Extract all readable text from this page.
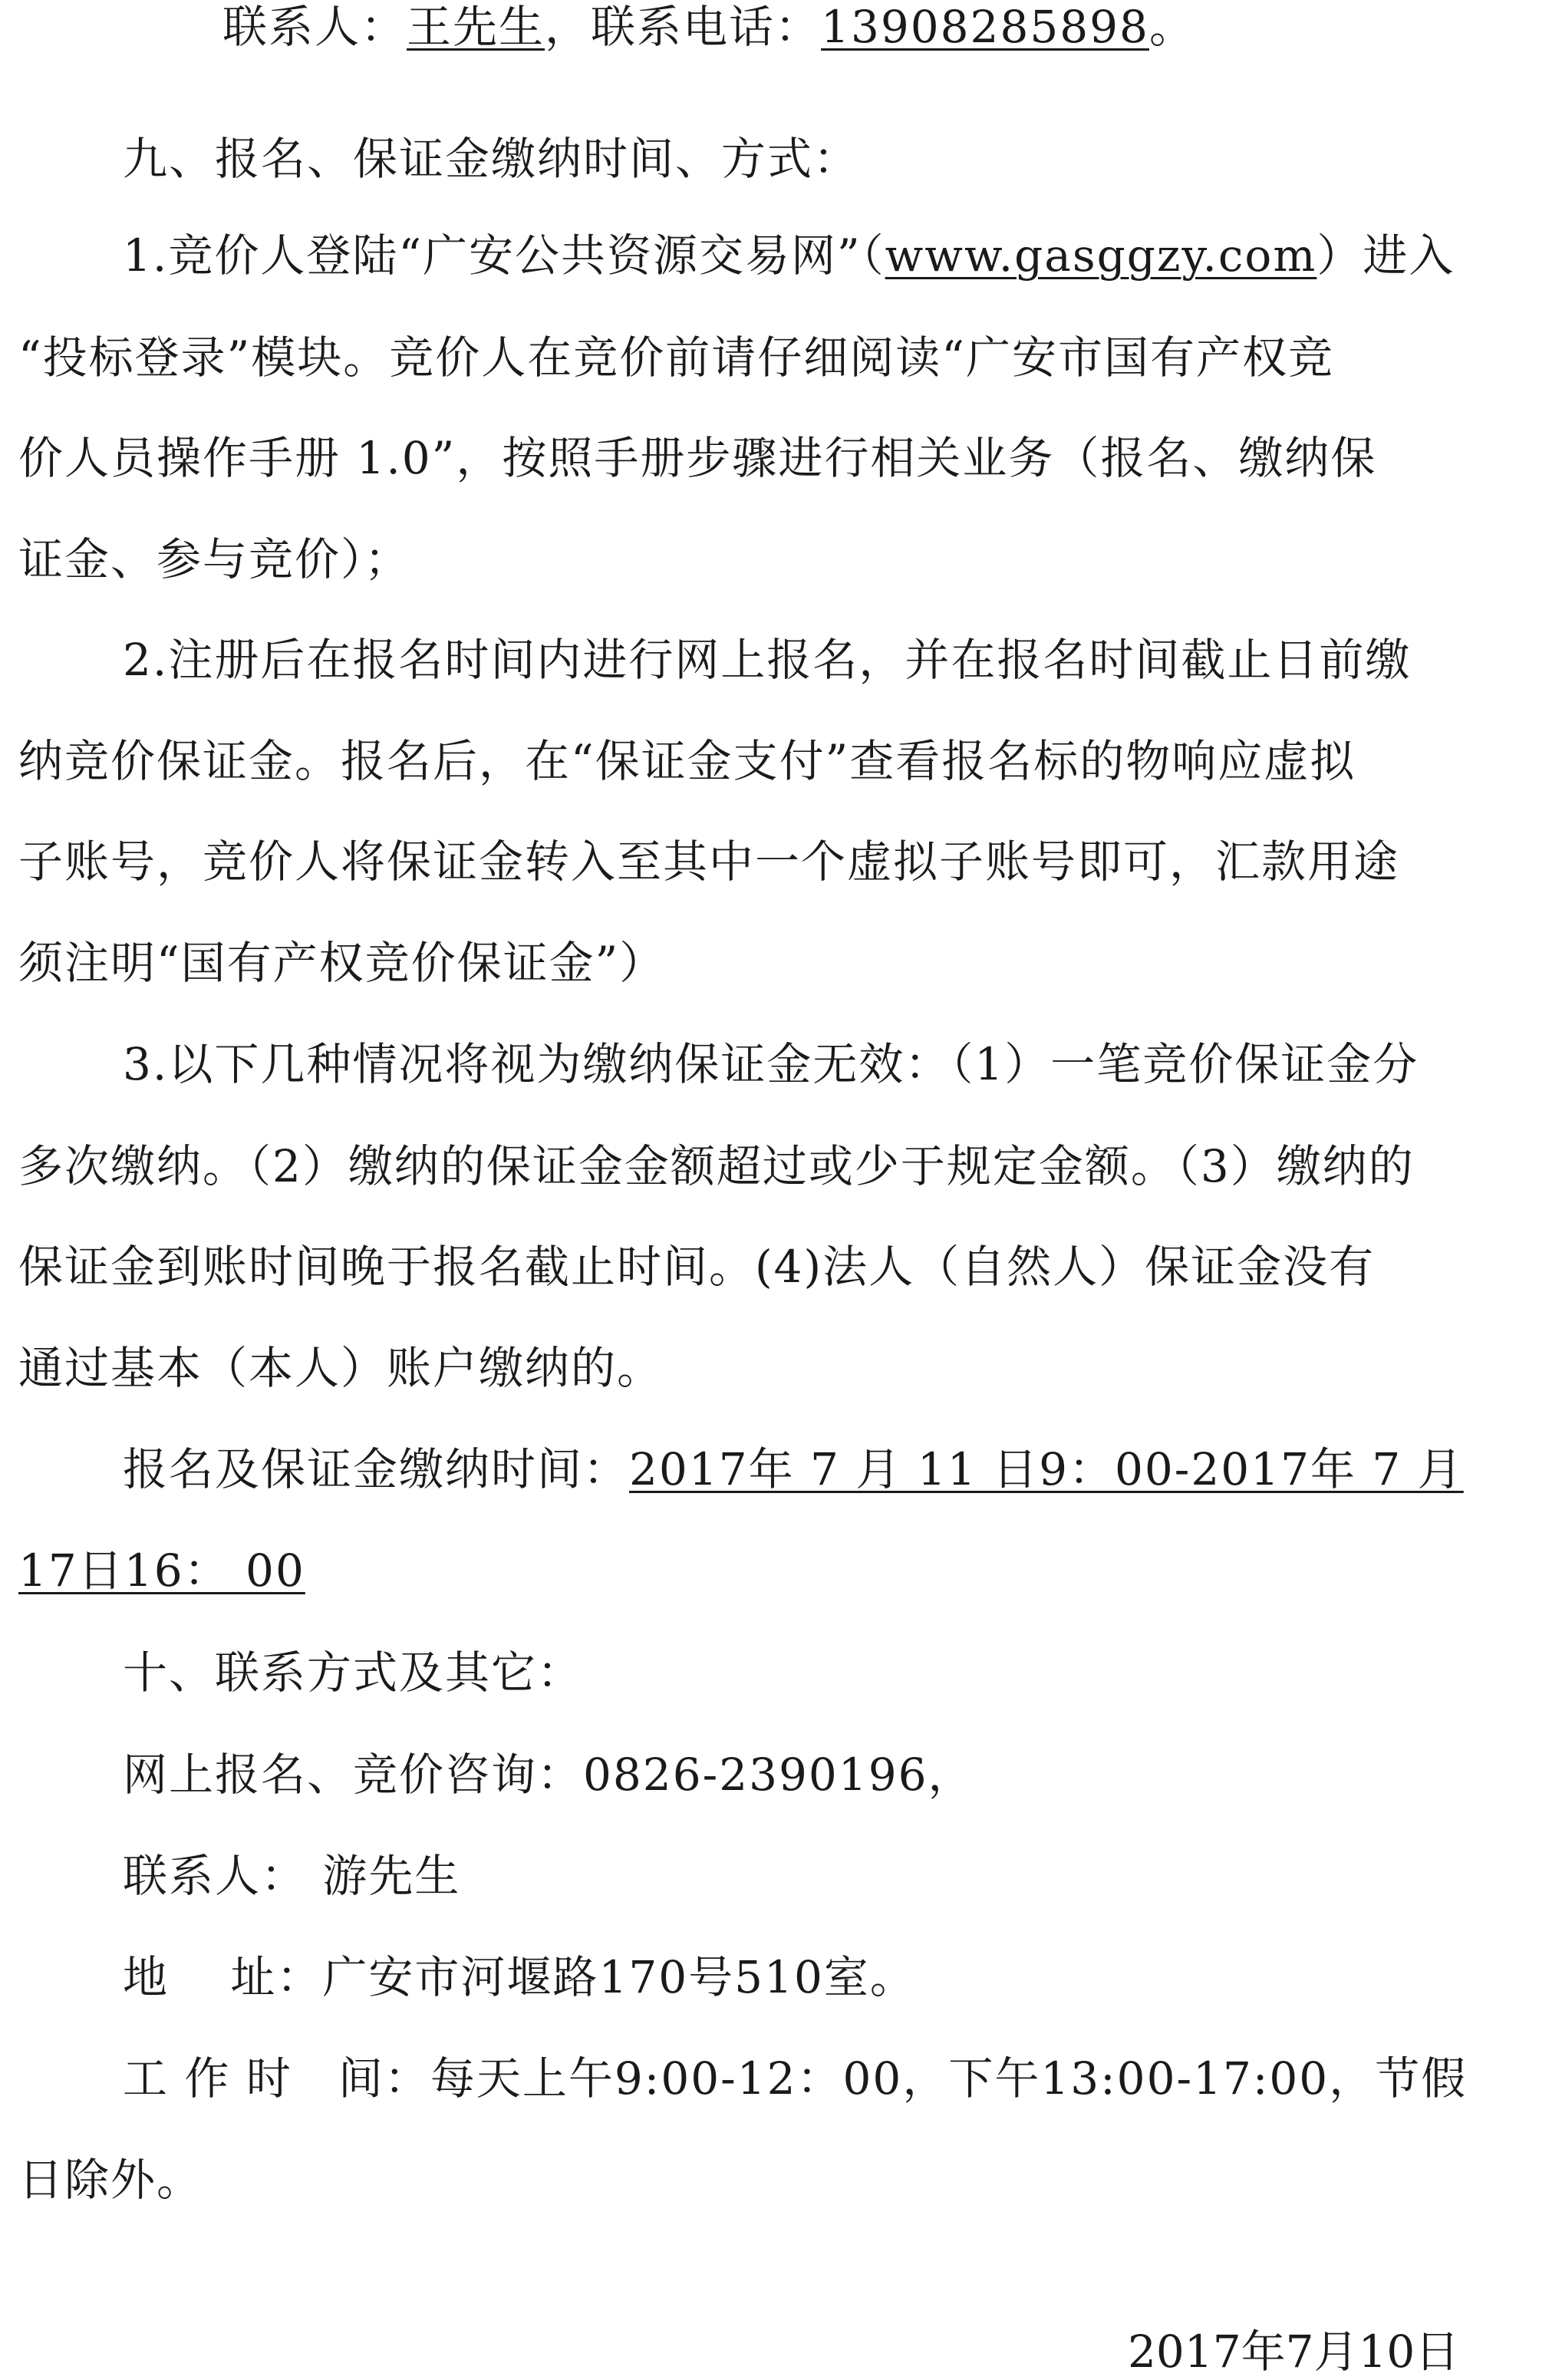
联系人：王先生，联系电话：13908285898。
九、报名、保证金缴纳时间、方式：
1.竞价人登陆“广安公共资源交易网”（www.gasggzy.com）进入
“投标登录”模块。竞价人在竞价前请仔细阅读“广安市国有产权竞
价人员操作手册 1.0”，按照手册步骤进行相关业务（报名、缴纳保
证金、参与竞价）；
2.注册后在报名时间内进行网上报名，并在报名时间截止日前缴
纳竞价保证金。报名后，在“保证金支付”查看报名标的物响应虚拟
子账号，竞价人将保证金转入至其中一个虚拟子账号即可，汇款用途
须注明“国有产权竞价保证金”）
3.以下几种情况将视为缴纳保证金无效：（1）一笔竞价保证金分
多次缴纳。（2）缴纳的保证金金额超过或少于规定金额。（3）缴纳的
保证金到账时间晚于报名截止时间。(4)法人（自然人）保证金没有
通过基本（本人）账户缴纳的。
报名及保证金缴纳时间：2017年 7 月 11 日9：00-2017年 7 月
17日16： 00
十、联系方式及其它：
网上报名、竞价咨询：0826-2390196，
联系人： 游先生
地　 址：广安市河堰路170号510室。
工 作 时　间：每天上午9:00-12：00，下午13:00-17:00，节假
日除外。
2017年7月10日
